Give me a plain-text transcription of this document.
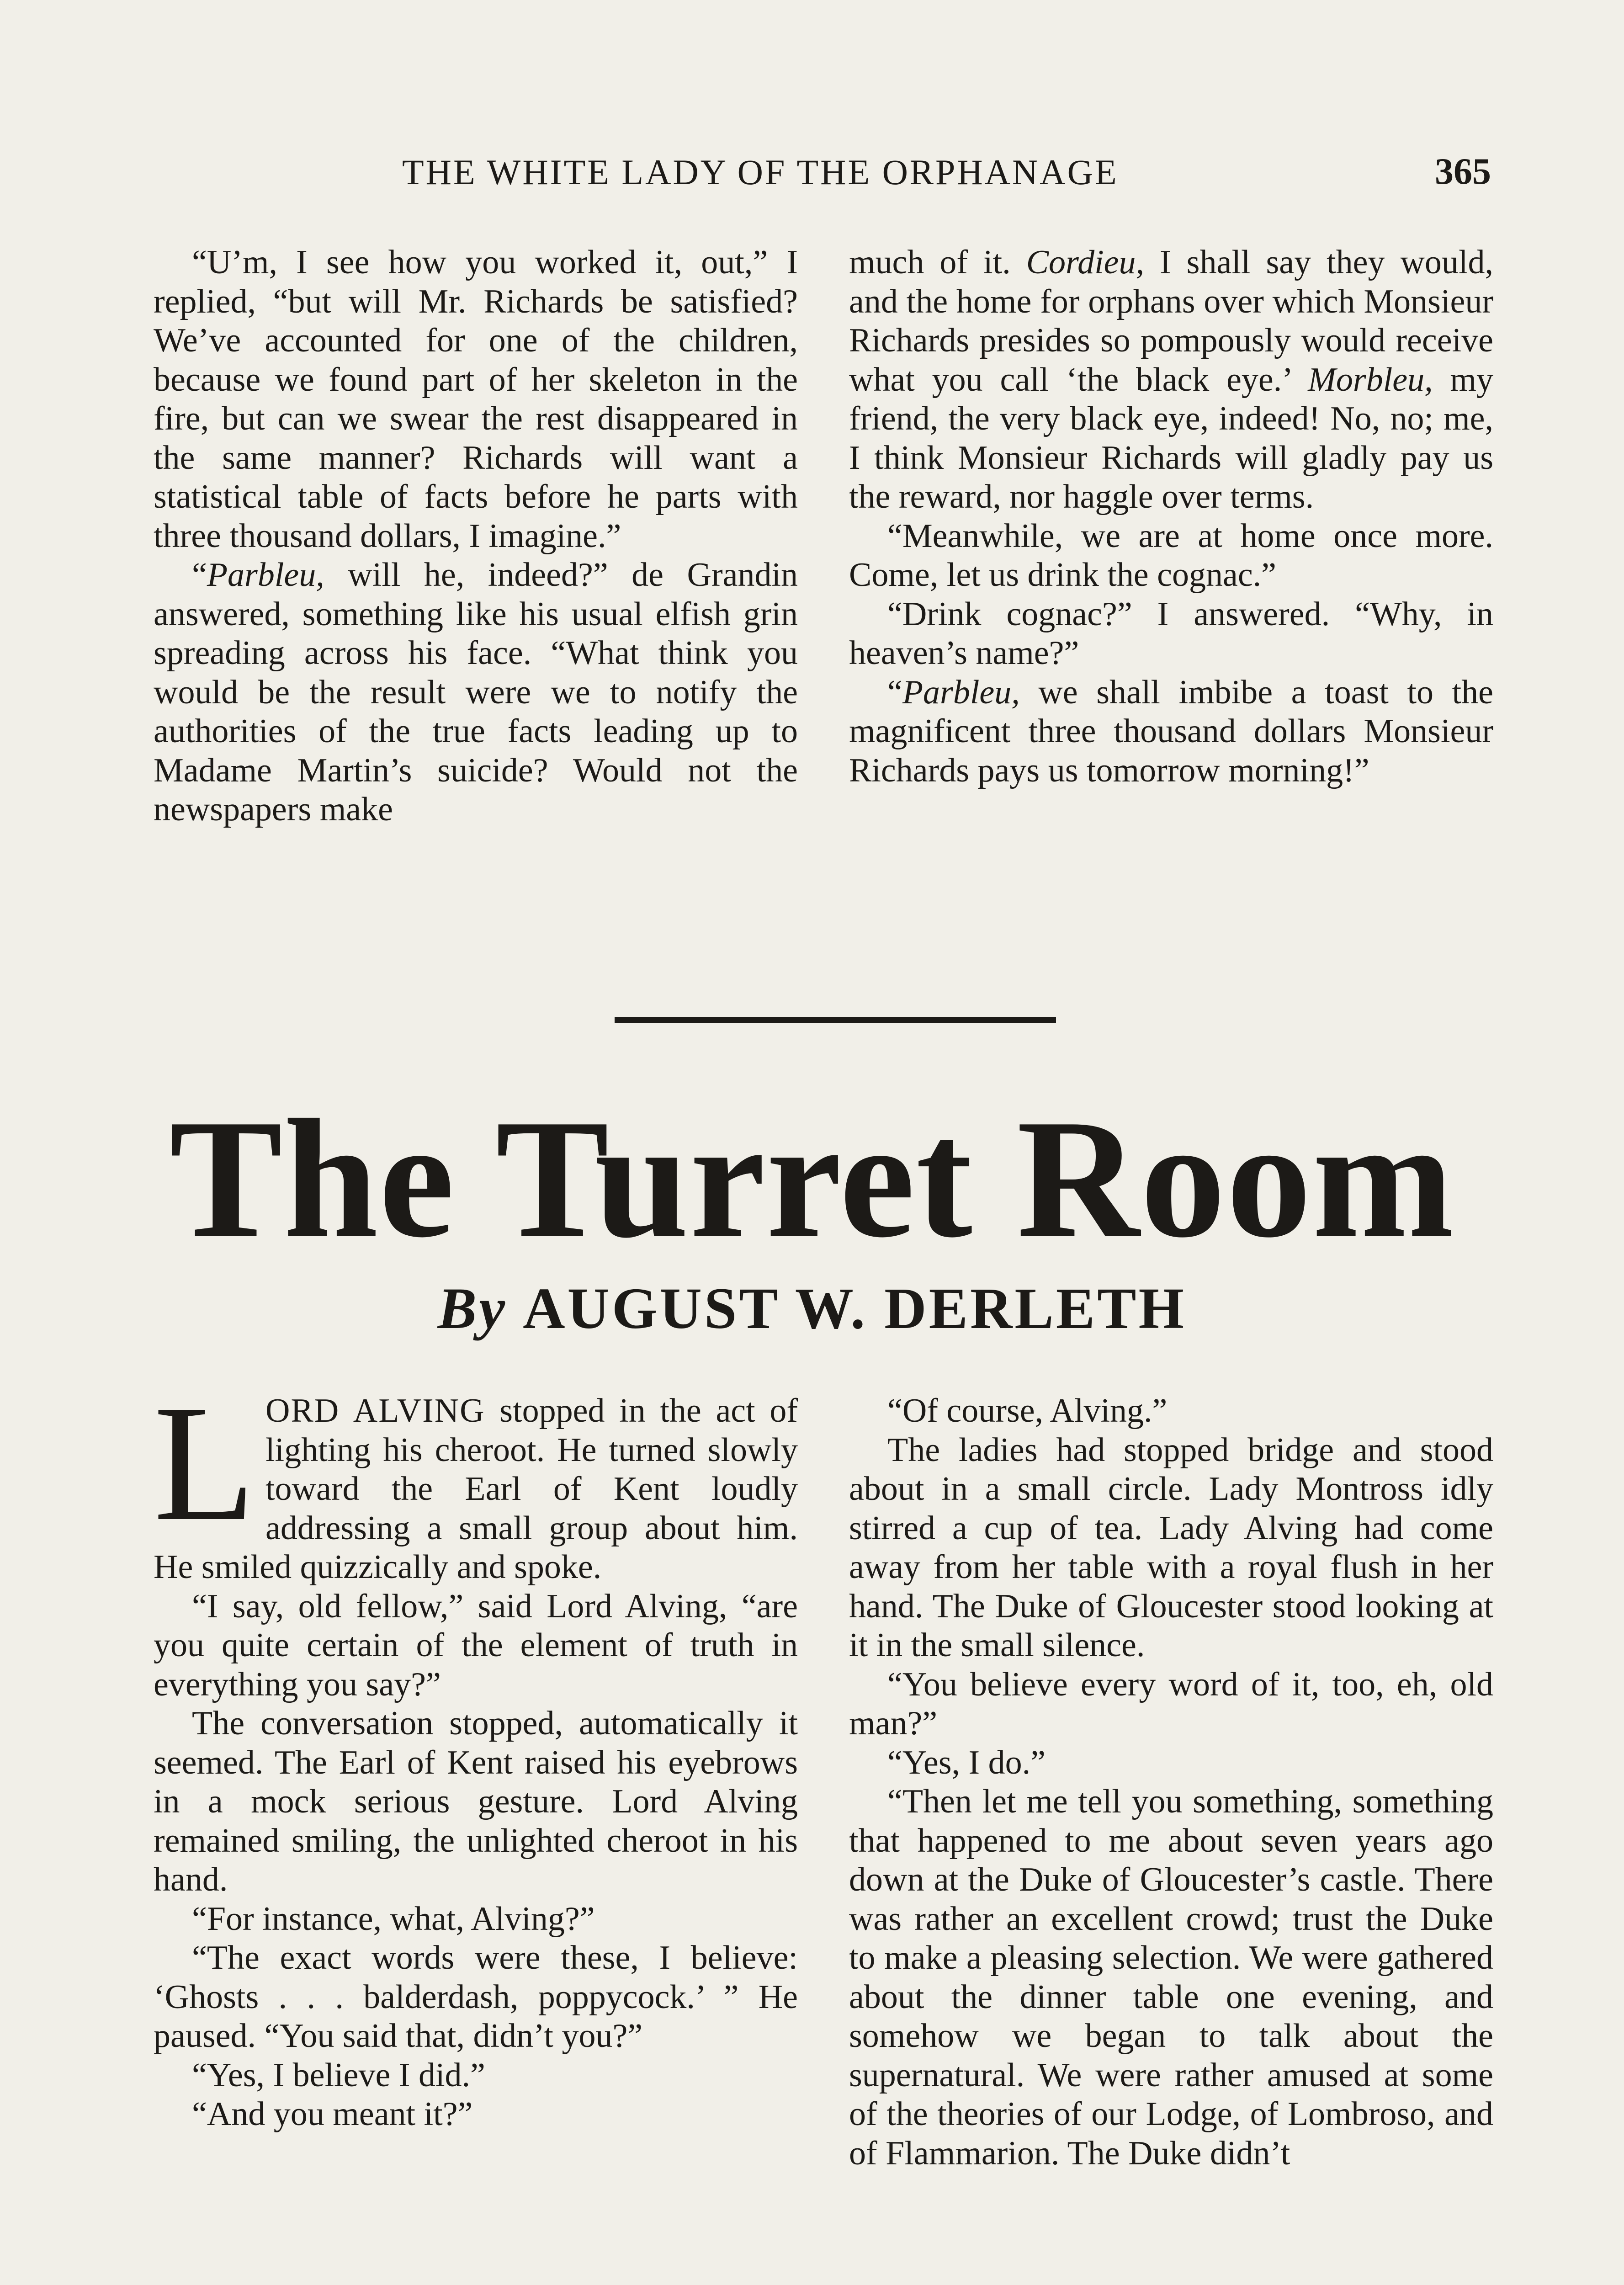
THE WHITE LADY OF THE ORPHANAGE	365

“U’m, I see how you worked it, out,” I replied, “but will Mr. Richards be satisfied? We’ve accounted for one of the children, because we found part of her skeleton in the fire, but can we swear the rest disappeared in the same manner? Richards will want a statistical table of facts before he parts with three thousand dollars, I imagine.”

“Parbleu, will he, indeed?” de Grandin answered, something like his usual elfish grin spreading across his face. “What think you would be the result were we to notify the authorities of the true facts leading up to Madame Martin’s suicide? Would not the newspapers make

much of it. Cordieu, I shall say they would, and the home for orphans over which Monsieur Richards presides so pompously would receive what you call ‘the black eye.’ Morbleu, my friend, the very black eye, indeed! No, no; me, I think Monsieur Richards will gladly pay us the reward, nor haggle over terms.

“Meanwhile, we are at home once more. Come, let us drink the cognac.”

“Drink cognac?” I answered. “Why, in heaven’s name?”

“Parbleu, we shall imbibe a toast to the magnificent three thousand dollars Monsieur Richards pays us tomorrow morning!”

The Turret Room
By AUGUST W. DERLETH

LORD ALVING stopped in the act of lighting his cheroot. He turned slowly toward the Earl of Kent loudly addressing a small group about him. He smiled quizzically and spoke.

“I say, old fellow,” said Lord Alving, “are you quite certain of the element of truth in everything you say?”

The conversation stopped, automatically it seemed. The Earl of Kent raised his eyebrows in a mock serious gesture. Lord Alving remained smiling, the unlighted cheroot in his hand.

“For instance, what, Alving?”

“The exact words were these, I believe: ‘Ghosts . . . balderdash, poppycock.’ ” He paused. “You said that, didn’t you?”

“Yes, I believe I did.”

“And you meant it?”

“Of course, Alving.”

The ladies had stopped bridge and stood about in a small circle. Lady Montross idly stirred a cup of tea. Lady Alving had come away from her table with a royal flush in her hand. The Duke of Gloucester stood looking at it in the small silence.

“You believe every word of it, too, eh, old man?”

“Yes, I do.”

“Then let me tell you something, something that happened to me about seven years ago down at the Duke of Gloucester’s castle. There was rather an excellent crowd; trust the Duke to make a pleasing selection. We were gathered about the dinner table one evening, and somehow we began to talk about the supernatural. We were rather amused at some of the theories of our Lodge, of Lombroso, and of Flammarion. The Duke didn’t
